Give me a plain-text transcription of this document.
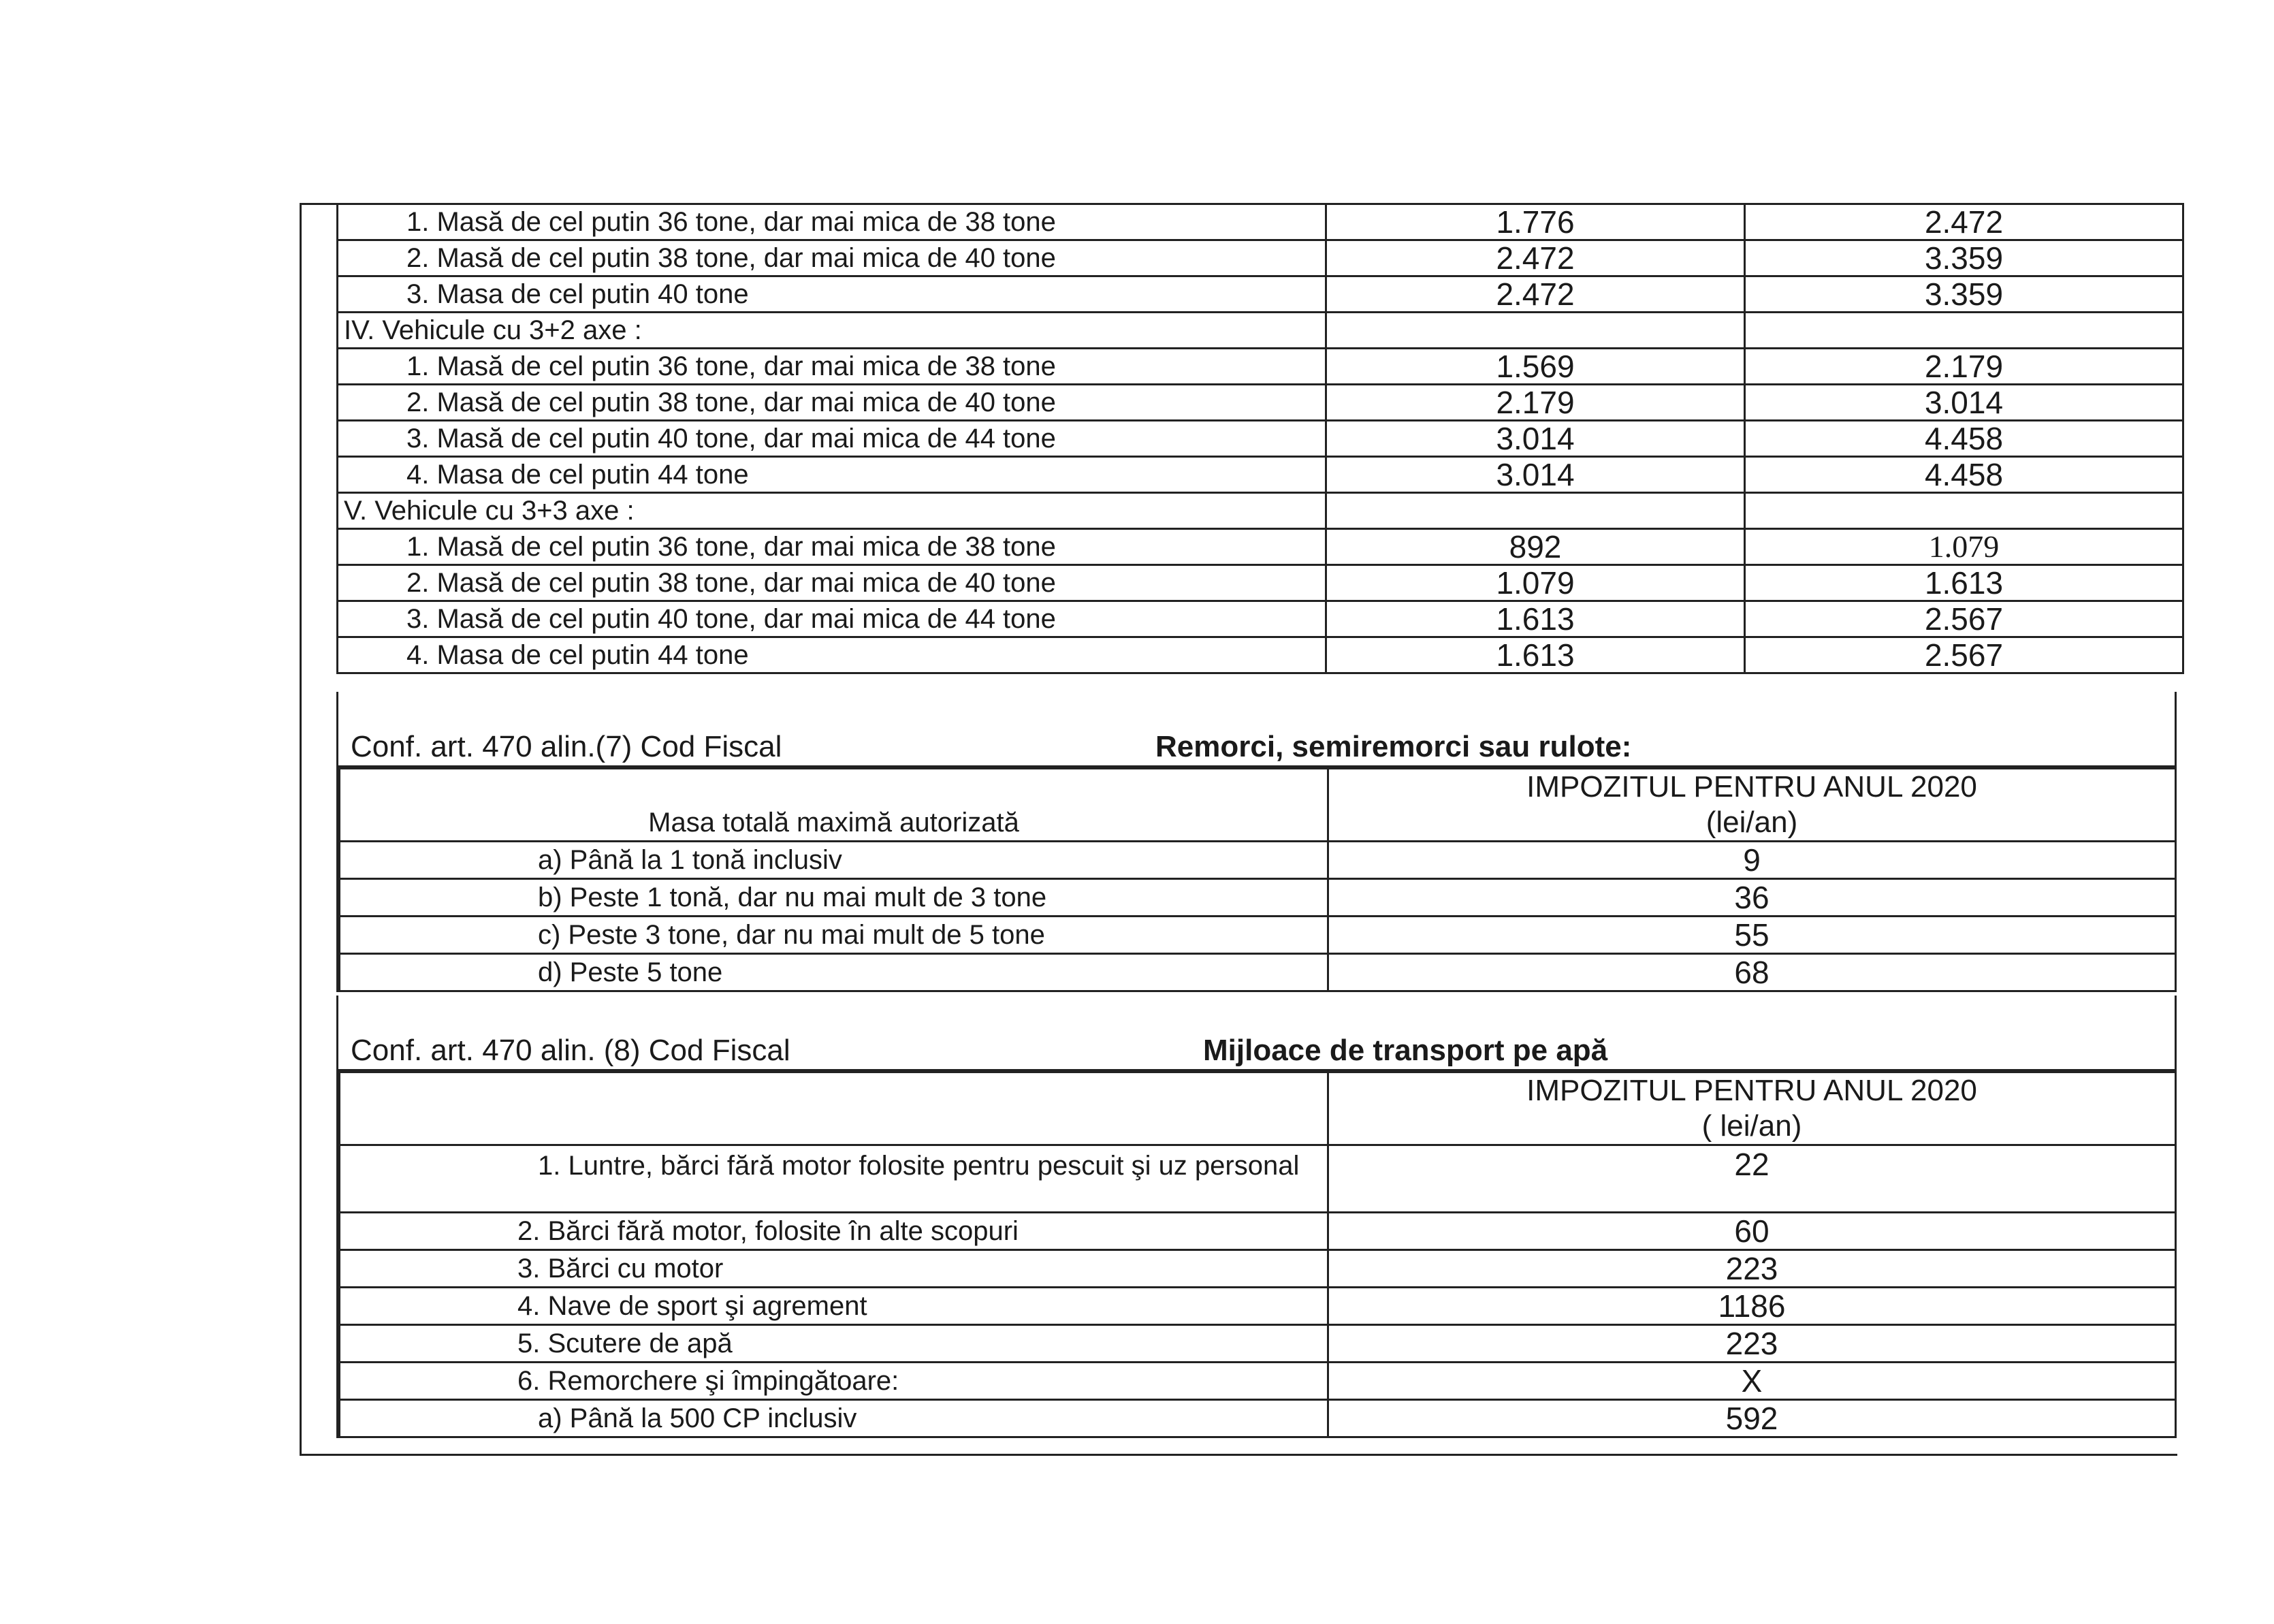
1. Masă de cel putin 36 tone, dar mai mica de 38 tone	1.776	2.472
2. Masă de cel putin 38 tone, dar mai mica de 40 tone	2.472	3.359
3. Masa de cel putin 40 tone	2.472	3.359
IV. Vehicule cu 3+2 axe :		
1. Masă de cel putin 36 tone, dar mai mica de 38 tone	1.569	2.179
2. Masă de cel putin 38 tone, dar mai mica de 40 tone	2.179	3.014
3. Masă de cel putin 40 tone, dar mai mica de 44 tone	3.014	4.458
4. Masa de cel putin 44 tone	3.014	4.458
V. Vehicule cu 3+3 axe :		
1. Masă de cel putin 36 tone, dar mai mica de 38 tone	892	1.079
2. Masă de cel putin 38 tone, dar mai mica de 40 tone	1.079	1.613
3. Masă de cel putin 40 tone, dar mai mica de 44 tone	1.613	2.567
4. Masa de cel putin 44 tone	1.613	2.567
Conf. art. 470 alin.(7) Cod Fiscal	Remorci, semiremorci sau rulote:
Masa totală maximă autorizată	IMPOZITUL PENTRU ANUL 2020
(lei/an)

a) Până la 1 tonă inclusiv	9
b) Peste 1 tonă, dar nu mai mult de 3 tone	36
c) Peste 3 tone, dar nu mai mult de 5 tone	55
d) Peste 5 tone	68
Conf. art. 470 alin. (8) Cod Fiscal	Mijloace de transport pe apă

	IMPOZITUL PENTRU ANUL 2020
( lei/an)

1. Luntre, bărci fără motor folosite pentru pescuit şi uz personal	22
2. Bărci fără motor, folosite în alte scopuri	60
3. Bărci cu motor	223
4. Nave de sport şi agrement	1186
5. Scutere de apă	223
6. Remorchere şi împingătoare:	X
a) Până la 500 CP inclusiv	592
